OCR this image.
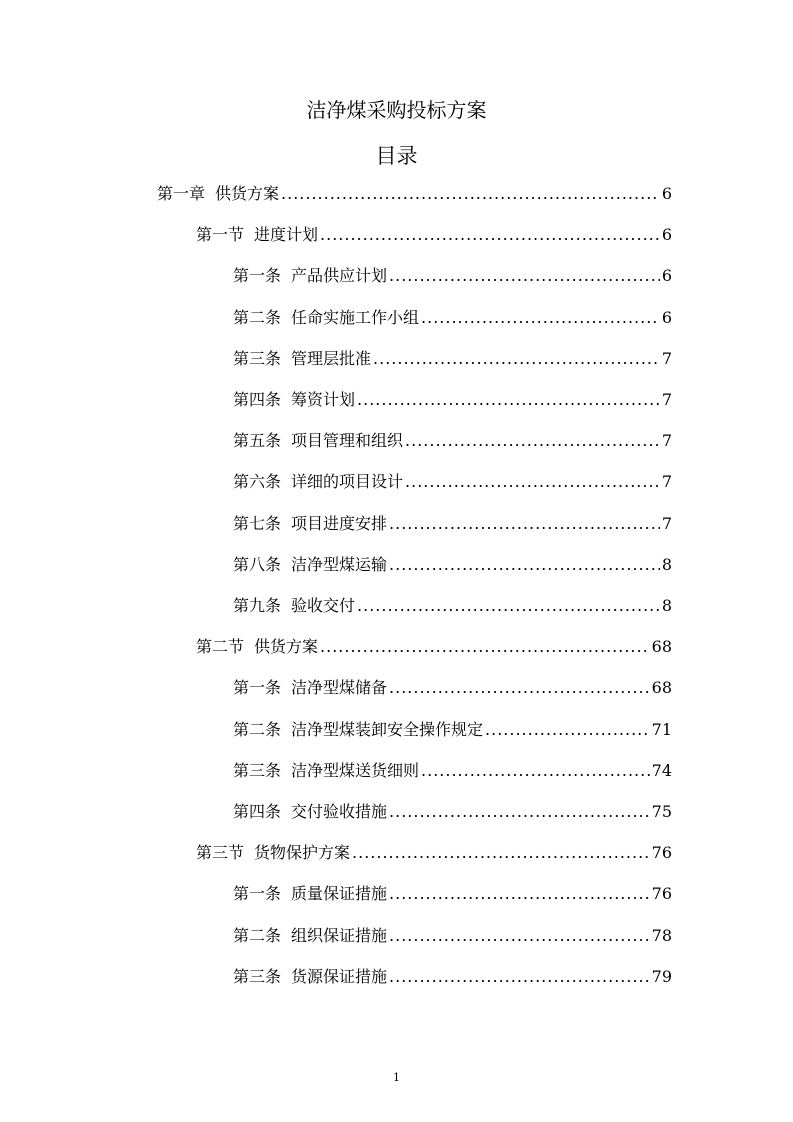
洁净煤采购投标方案
目录
第一章 供货方案 .....	6
第一节 进度计划 .....	6
第一条 产品供应计划 .....	6
第二条 任命实施工作小组 .....	6
第三条 管理层批准 .....	7
第四条 筹资计划 .....	7
第五条 项目管理和组织 .....	7
第六条 详细的项目设计 .....	7
第七条 项目进度安排 .....	7
第八条 洁净型煤运输 .....	8
第九条 验收交付 .....	8
第二节 供货方案 .....	68
第一条 洁净型煤储备 .....	68
第二条 洁净型煤装卸安全操作规定 .....	71
第三条 洁净型煤送货细则 .....	74
第四条 交付验收措施 .....	75
第三节 货物保护方案 .....	76
第一条 质量保证措施 .....	76
第二条 组织保证措施 .....	78
第三条 货源保证措施 .....	79
1
